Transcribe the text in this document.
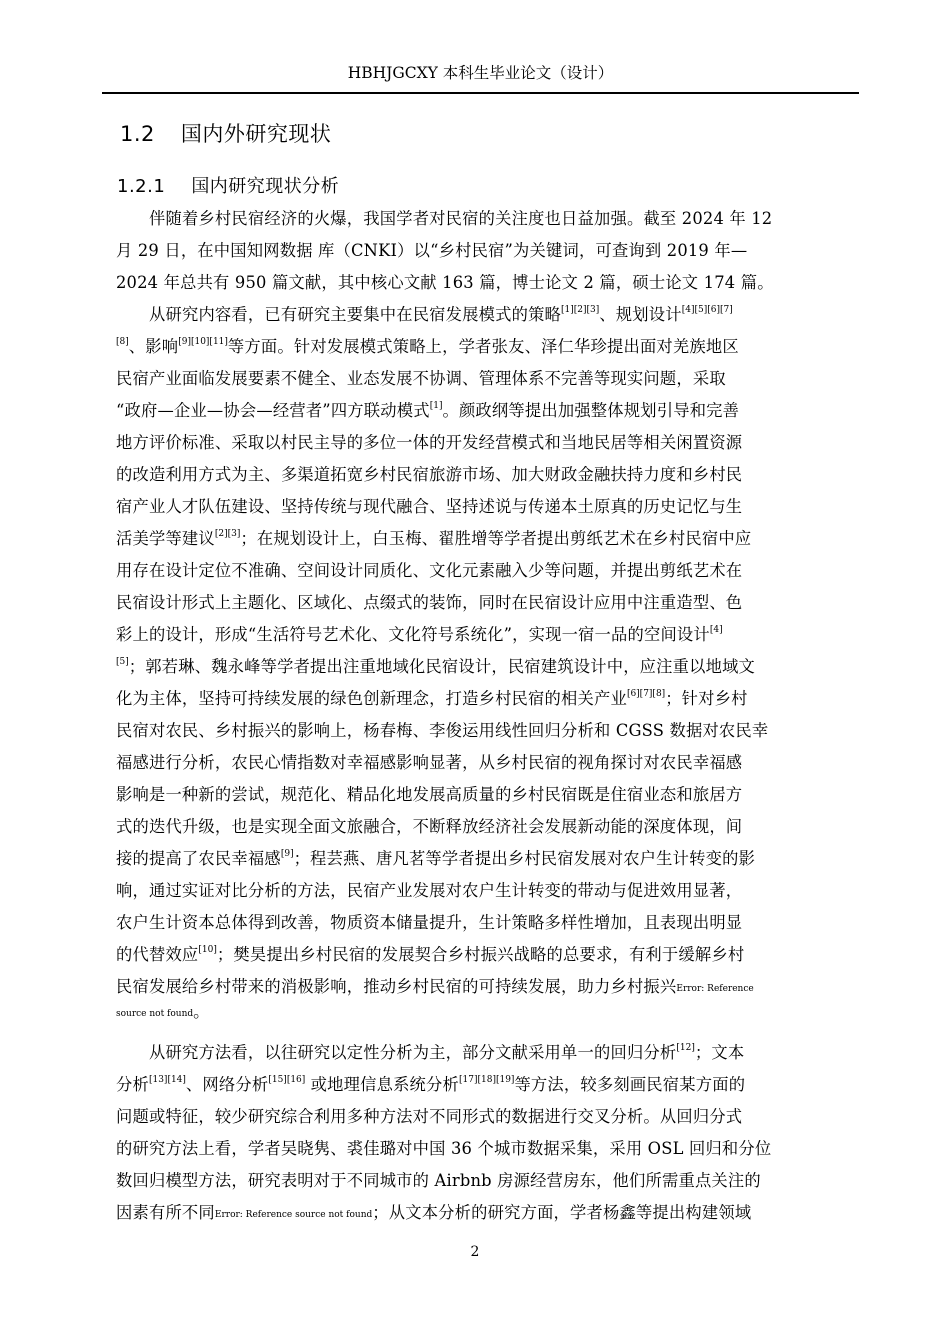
HBHJGCXY 本科生毕业论文（设计）
1.2 国内外研究现状
1.2.1 国内研究现状分析
伴随着乡村民宿经济的火爆，我国学者对民宿的关注度也日益加强。截至 2024 年 12
月 29 日，在中国知网数据 库（CNKI）以“乡村民宿”为关键词，可查询到 2019 年—
2024 年总共有 950 篇文献，其中核心文献 163 篇，博士论文 2 篇，硕士论文 174 篇。
从研究内容看，已有研究主要集中在民宿发展模式的策略[1][2][3]、规划设计[4][5][6][7]
[8]、影响[9][10][11]等方面。针对发展模式策略上，学者张友、泽仁华珍提出面对羌族地区
民宿产业面临发展要素不健全、业态发展不协调、管理体系不完善等现实问题，采取
“政府—企业—协会—经营者”四方联动模式[1]。颜政纲等提出加强整体规划引导和完善
地方评价标准、采取以村民主导的多位一体的开发经营模式和当地民居等相关闲置资源
的改造利用方式为主、多渠道拓宽乡村民宿旅游市场、加大财政金融扶持力度和乡村民
宿产业人才队伍建设、坚持传统与现代融合、坚持述说与传递本土原真的历史记忆与生
活美学等建议[2][3]；在规划设计上，白玉梅、翟胜增等学者提出剪纸艺术在乡村民宿中应
用存在设计定位不准确、空间设计同质化、文化元素融入少等问题，并提出剪纸艺术在
民宿设计形式上主题化、区域化、点缀式的装饰，同时在民宿设计应用中注重造型、色
彩上的设计，形成“生活符号艺术化、文化符号系统化”，实现一宿一品的空间设计[4]
[5]；郭若琳、魏永峰等学者提出注重地域化民宿设计，民宿建筑设计中，应注重以地域文
化为主体，坚持可持续发展的绿色创新理念，打造乡村民宿的相关产业[6][7][8]；针对乡村
民宿对农民、乡村振兴的影响上，杨春梅、李俊运用线性回归分析和 CGSS 数据对农民幸
福感进行分析，农民心情指数对幸福感影响显著，从乡村民宿的视角探讨对农民幸福感
影响是一种新的尝试，规范化、精品化地发展高质量的乡村民宿既是住宿业态和旅居方
式的迭代升级，也是实现全面文旅融合，不断释放经济社会发展新动能的深度体现，间
接的提高了农民幸福感[9]；程芸燕、唐凡茗等学者提出乡村民宿发展对农户生计转变的影
响，通过实证对比分析的方法，民宿产业发展对农户生计转变的带动与促进效用显著，
农户生计资本总体得到改善，物质资本储量提升，生计策略多样性增加，且表现出明显
的代替效应[10]；樊昊提出乡村民宿的发展契合乡村振兴战略的总要求，有利于缓解乡村
民宿发展给乡村带来的消极影响，推动乡村民宿的可持续发展，助力乡村振兴Error: Reference
source not found。
从研究方法看，以往研究以定性分析为主，部分文献采用单一的回归分析[12]；文本
分析[13][14]、网络分析[15][16] 或地理信息系统分析[17][18][19]等方法，较多刻画民宿某方面的
问题或特征，较少研究综合利用多种方法对不同形式的数据进行交叉分析。从回归分式
的研究方法上看，学者吴晓隽、裘佳璐对中国 36 个城市数据采集，采用 OSL 回归和分位
数回归模型方法，研究表明对于不同城市的 Airbnb 房源经营房东，他们所需重点关注的
因素有所不同Error: Reference source not found；从文本分析的研究方面，学者杨鑫等提出构建领域
2
